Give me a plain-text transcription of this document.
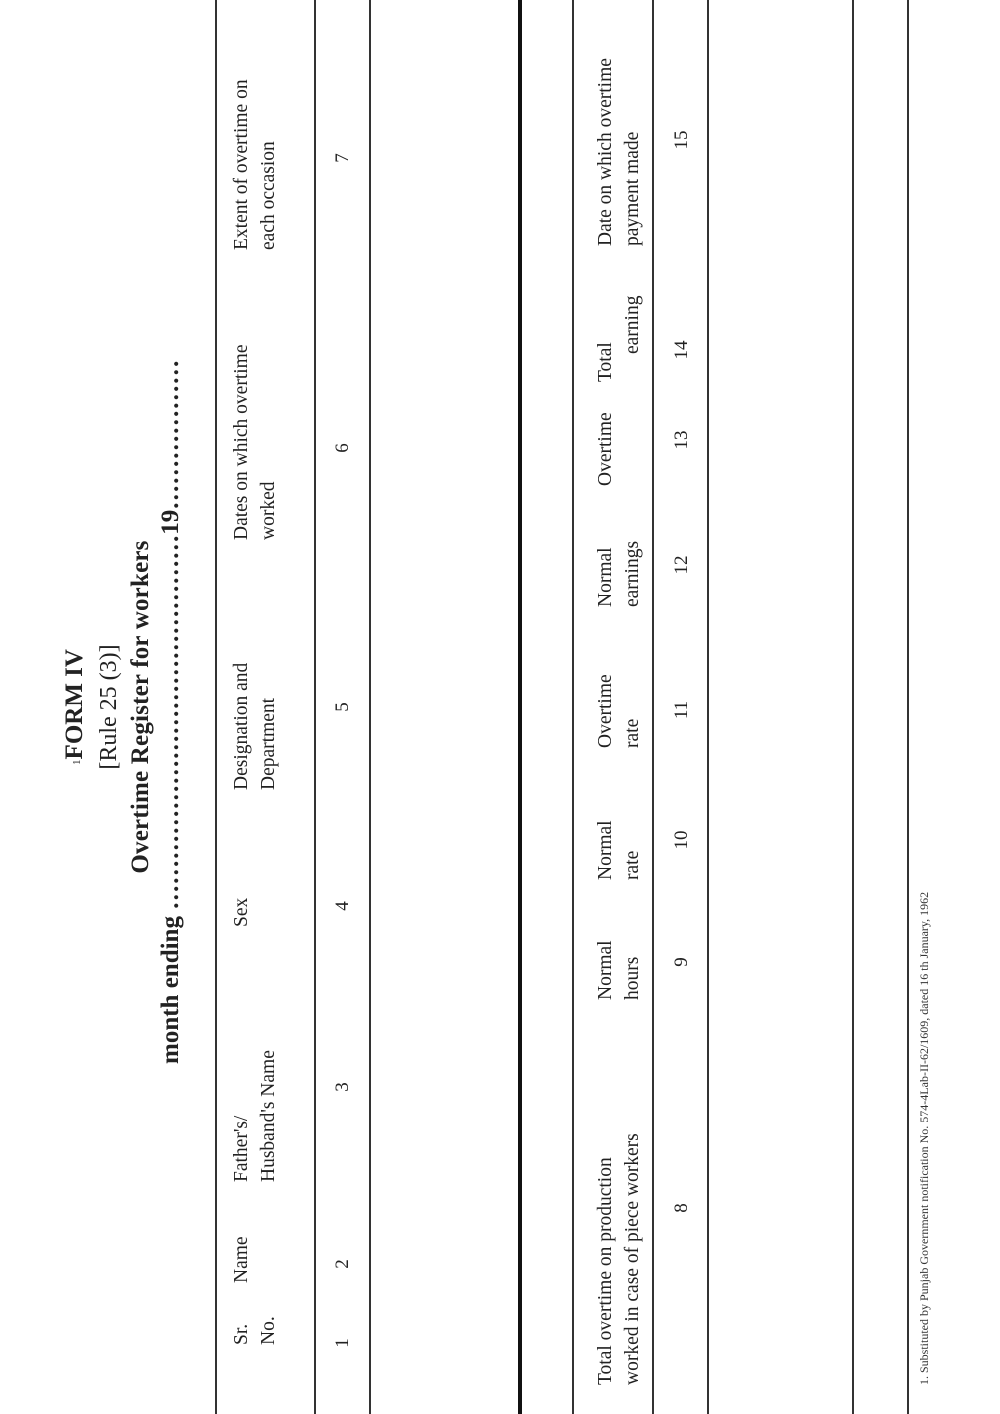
$^1$FORM IV [Rule 25 (3)] Overtime Register for workers
month ending ………………………………………19………………
Sr. No.
Name
Father's/ Husband's Name
Sex
Designation and Department
Dates on which overtime worked
Extent of overtime on each occasion
1
2
3
4
5
6
7
Total overtime on production worked in case of piece workers
Normal hours
Normal rate
Overtime rate
Normal earnings
Overtime
Total
earning
Date on which overtime payment made
8
9
10
11
12
13
14
15
1. Substituted by Punjab Government notification No. 574-4Lab-II-62/1609, dated 16 th January, 1962
